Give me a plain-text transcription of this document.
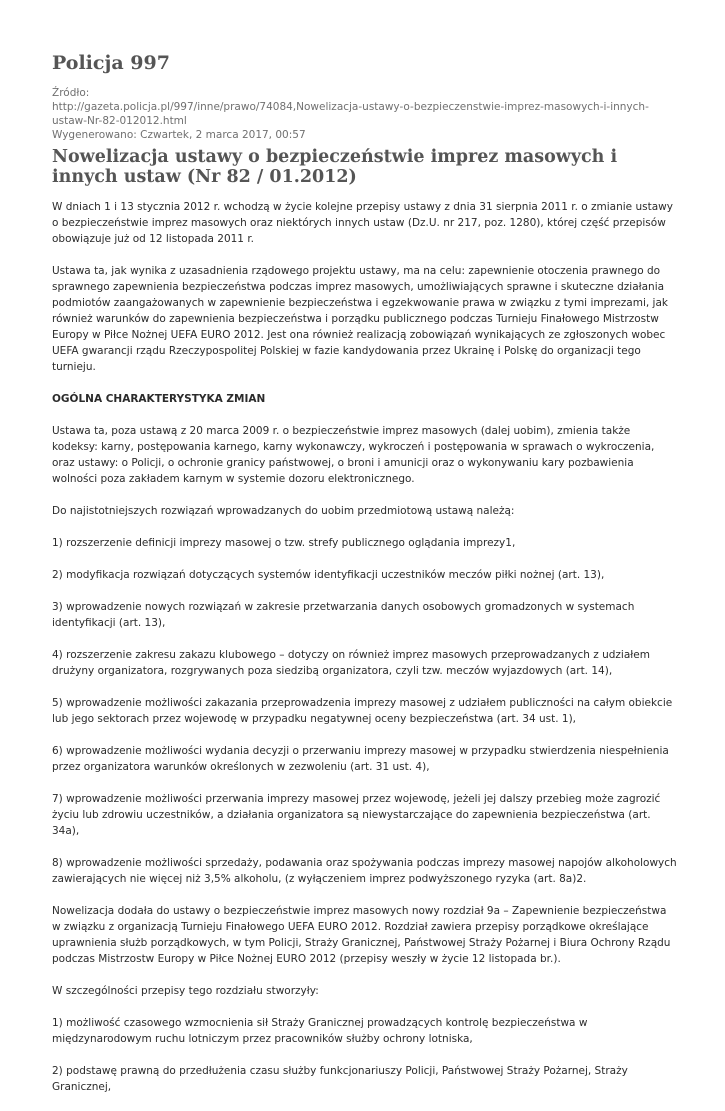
Policja 997

Źródło:

http://gazeta.policja.pl/997/inne/prawo/74084,Nowelizacja-ustawy-o-bezpieczenstwie-imprez-masowych-i-innych-ustaw-Nr-82-012012.html

Wygenerowano: Czwartek, 2 marca 2017, 00:57

Nowelizacja ustawy o bezpieczeństwie imprez masowych i innych ustaw (Nr 82 / 01.2012)

W dniach 1 i 13 stycznia 2012 r. wchodzą w życie kolejne przepisy ustawy z dnia 31 sierpnia 2011 r. o zmianie ustawy o bezpieczeństwie imprez masowych oraz niektórych innych ustaw (Dz.U. nr 217, poz. 1280), której część przepisów obowiązuje już od 12 listopada 2011 r.

Ustawa ta, jak wynika z uzasadnienia rządowego projektu ustawy, ma na celu: zapewnienie otoczenia prawnego do sprawnego zapewnienia bezpieczeństwa podczas imprez masowych, umożliwiających sprawne i skuteczne działania podmiotów zaangażowanych w zapewnienie bezpieczeństwa i egzekwowanie prawa w związku z tymi imprezami, jak również warunków do zapewnienia bezpieczeństwa i porządku publicznego podczas Turnieju Finałowego Mistrzostw Europy w Piłce Nożnej UEFA EURO 2012. Jest ona również realizacją zobowiązań wynikających ze zgłoszonych wobec UEFA gwarancji rządu Rzeczypospolitej Polskiej w fazie kandydowania przez Ukrainę i Polskę do organizacji tego turnieju.

OGÓLNA CHARAKTERYSTYKA ZMIAN

Ustawa ta, poza ustawą z 20 marca 2009 r. o bezpieczeństwie imprez masowych (dalej uobim), zmienia także kodeksy: karny, postępowania karnego, karny wykonawczy, wykroczeń i postępowania w sprawach o wykroczenia, oraz ustawy: o Policji, o ochronie granicy państwowej, o broni i amunicji oraz o wykonywaniu kary pozbawienia wolności poza zakładem karnym w systemie dozoru elektronicznego.

Do najistotniejszych rozwiązań wprowadzanych do uobim przedmiotową ustawą należą:

1) rozszerzenie definicji imprezy masowej o tzw. strefy publicznego oglądania imprezy1,

2) modyfikacja rozwiązań dotyczących systemów identyfikacji uczestników meczów piłki nożnej (art. 13),

3) wprowadzenie nowych rozwiązań w zakresie przetwarzania danych osobowych gromadzonych w systemach identyfikacji (art. 13),

4) rozszerzenie zakresu zakazu klubowego – dotyczy on również imprez masowych przeprowadzanych z udziałem drużyny organizatora, rozgrywanych poza siedzibą organizatora, czyli tzw. meczów wyjazdowych (art. 14),

5) wprowadzenie możliwości zakazania przeprowadzenia imprezy masowej z udziałem publiczności na całym obiekcie lub jego sektorach przez wojewodę w przypadku negatywnej oceny bezpieczeństwa (art. 34 ust. 1),

6) wprowadzenie możliwości wydania decyzji o przerwaniu imprezy masowej w przypadku stwierdzenia niespełnienia przez organizatora warunków określonych w zezwoleniu (art. 31 ust. 4),

7) wprowadzenie możliwości przerwania imprezy masowej przez wojewodę, jeżeli jej dalszy przebieg może zagrozić życiu lub zdrowiu uczestników, a działania organizatora są niewystarczające do zapewnienia bezpieczeństwa (art. 34a),

8) wprowadzenie możliwości sprzedaży, podawania oraz spożywania podczas imprezy masowej napojów alkoholowych zawierających nie więcej niż 3,5% alkoholu, (z wyłączeniem imprez podwyższonego ryzyka (art. 8a)2.

Nowelizacja dodała do ustawy o bezpieczeństwie imprez masowych nowy rozdział 9a – Zapewnienie bezpieczeństwa w związku z organizacją Turnieju Finałowego UEFA EURO 2012. Rozdział zawiera przepisy porządkowe określające uprawnienia służb porządkowych, w tym Policji, Straży Granicznej, Państwowej Straży Pożarnej i Biura Ochrony Rządu podczas Mistrzostw Europy w Piłce Nożnej EURO 2012 (przepisy weszły w życie 12 listopada br.).

W szczególności przepisy tego rozdziału stworzyły:

1) możliwość czasowego wzmocnienia sił Straży Granicznej prowadzących kontrolę bezpieczeństwa w międzynarodowym ruchu lotniczym przez pracowników służby ochrony lotniska,

2) podstawę prawną do przedłużenia czasu służby funkcjonariuszy Policji, Państwowej Straży Pożarnej, Straży Granicznej,
